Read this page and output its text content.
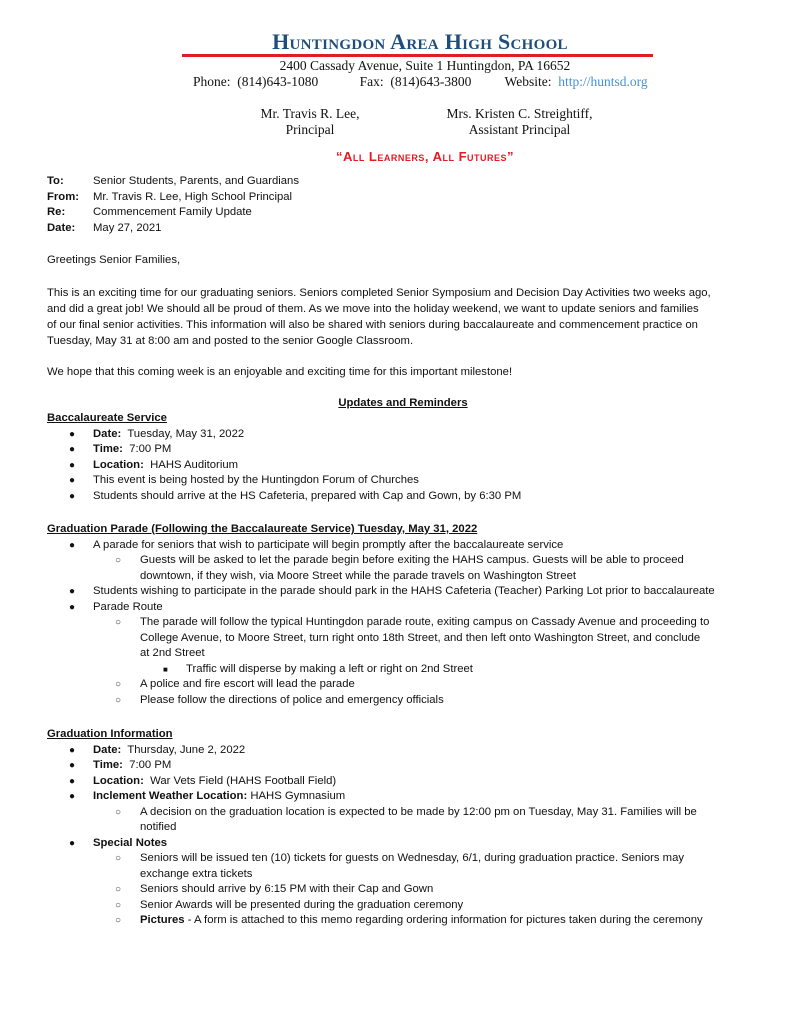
Huntingdon Area High School
2400 Cassady Avenue, Suite 1 Huntingdon, PA 16652
Phone: (814)643-1080	Fax: (814)643-3800 Website: http://huntsd.org
Mr. Travis R. Lee,
Principal
Mrs. Kristen C. Streightiff,
Assistant Principal
“All Learners, All Futures”
To:	Senior Students, Parents, and Guardians
From:	Mr. Travis R. Lee, High School Principal
Re:	Commencement Family Update
Date:	May 27, 2021
Greetings Senior Families,
This is an exciting time for our graduating seniors. Seniors completed Senior Symposium and Decision Day Activities two weeks ago,
and did a great job! We should all be proud of them. As we move into the holiday weekend, we want to update seniors and families
of our final senior activities. This information will also be shared with seniors during baccalaureate and commencement practice on
Tuesday, May 31 at 8:00 am and posted to the senior Google Classroom.
We hope that this coming week is an enjoyable and exciting time for this important milestone!
Updates and Reminders
Baccalaureate Service
● Date: Tuesday, May 31, 2022
● Time: 7:00 PM
● Location: HAHS Auditorium
● This event is being hosted by the Huntingdon Forum of Churches
● Students should arrive at the HS Cafeteria, prepared with Cap and Gown, by 6:30 PM
Graduation Parade (Following the Baccalaureate Service) Tuesday, May 31, 2022
● A parade for seniors that wish to participate will begin promptly after the baccalaureate service
○ Guests will be asked to let the parade begin before exiting the HAHS campus. Guests will be able to proceed
downtown, if they wish, via Moore Street while the parade travels on Washington Street
● Students wishing to participate in the parade should park in the HAHS Cafeteria (Teacher) Parking Lot prior to baccalaureate
● Parade Route
○ The parade will follow the typical Huntingdon parade route, exiting campus on Cassady Avenue and proceeding to
College Avenue, to Moore Street, turn right onto 18th Street, and then left onto Washington Street, and conclude
at 2nd Street
■ Traffic will disperse by making a left or right on 2nd Street
○ A police and fire escort will lead the parade
○ Please follow the directions of police and emergency officials
Graduation Information
● Date: Thursday, June 2, 2022
● Time: 7:00 PM
● Location: War Vets Field (HAHS Football Field)
● Inclement Weather Location: HAHS Gymnasium
○ A decision on the graduation location is expected to be made by 12:00 pm on Tuesday, May 31. Families will be
notified
● Special Notes
○ Seniors will be issued ten (10) tickets for guests on Wednesday, 6/1, during graduation practice. Seniors may
exchange extra tickets
○ Seniors should arrive by 6:15 PM with their Cap and Gown
○ Senior Awards will be presented during the graduation ceremony
○ Pictures - A form is attached to this memo regarding ordering information for pictures taken during the ceremony
